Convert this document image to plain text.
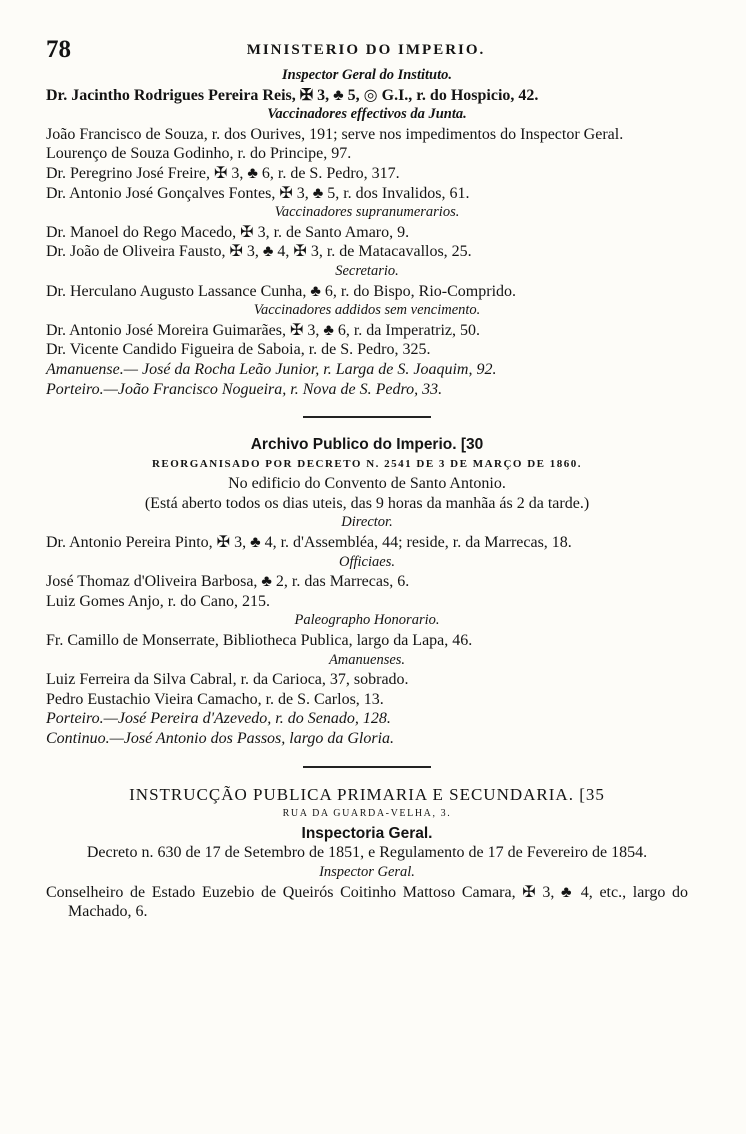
78	MINISTERIO DO IMPERIO.
Inspector Geral do Instituto.
Dr. Jacintho Rodrigues Pereira Reis, ✠ 3, ♣ 5, ◎ G.I., r. do Hospicio, 42.
Vaccinadores effectivos da Junta.
João Francisco de Souza, r. dos Ourives, 191; serve nos impedimentos do Inspector Geral.
Lourenço de Souza Godinho, r. do Principe, 97.
Dr. Peregrino José Freire, ✠ 3, ♣ 6, r. de S. Pedro, 317.
Dr. Antonio José Gonçalves Fontes, ✠ 3, ♣ 5, r. dos Invalidos, 61.
Vaccinadores supranumerarios.
Dr. Manoel do Rego Macedo, ✠ 3, r. de Santo Amaro, 9.
Dr. João de Oliveira Fausto, ✠ 3, ♣ 4, ✠ 3, r. de Matacavallos, 25.
Secretario.
Dr. Herculano Augusto Lassance Cunha, ♣ 6, r. do Bispo, Rio-Comprido.
Vaccinadores addidos sem vencimento.
Dr. Antonio José Moreira Guimarães, ✠ 3, ♣ 6, r. da Imperatriz, 50.
Dr. Vicente Candido Figueira de Saboia, r. de S. Pedro, 325.
Amanuense.— José da Rocha Leão Junior, r. Larga de S. Joaquim, 92.
Porteiro.—João Francisco Nogueira, r. Nova de S. Pedro, 33.
Archivo Publico do Imperio. [30
REORGANISADO POR DECRETO N. 2541 DE 3 DE MARÇO DE 1860.
No edificio do Convento de Santo Antonio.
(Está aberto todos os dias uteis, das 9 horas da manhãa ás 2 da tarde.)
Director.
Dr. Antonio Pereira Pinto, ✠ 3, ♣ 4, r. d'Assembléa, 44; reside, r. da Marrecas, 18.
Officiaes.
José Thomaz d'Oliveira Barbosa, ♣ 2, r. das Marrecas, 6.
Luiz Gomes Anjo, r. do Cano, 215.
Paleographo Honorario.
Fr. Camillo de Monserrate, Bibliotheca Publica, largo da Lapa, 46.
Amanuenses.
Luiz Ferreira da Silva Cabral, r. da Carioca, 37, sobrado.
Pedro Eustachio Vieira Camacho, r. de S. Carlos, 13.
Porteiro.—José Pereira d'Azevedo, r. do Senado, 128.
Continuo.—José Antonio dos Passos, largo da Gloria.
INSTRUCÇÃO PUBLICA PRIMARIA E SECUNDARIA. [35
RUA DA GUARDA-VELHA, 3.
Inspectoria Geral.
Decreto n. 630 de 17 de Setembro de 1851, e Regulamento de 17 de Fevereiro de 1854.
Inspector Geral.
Conselheiro de Estado Euzebio de Queirós Coitinho Mattoso Camara, ✠ 3, ♣ 4, etc., largo do Machado, 6.
